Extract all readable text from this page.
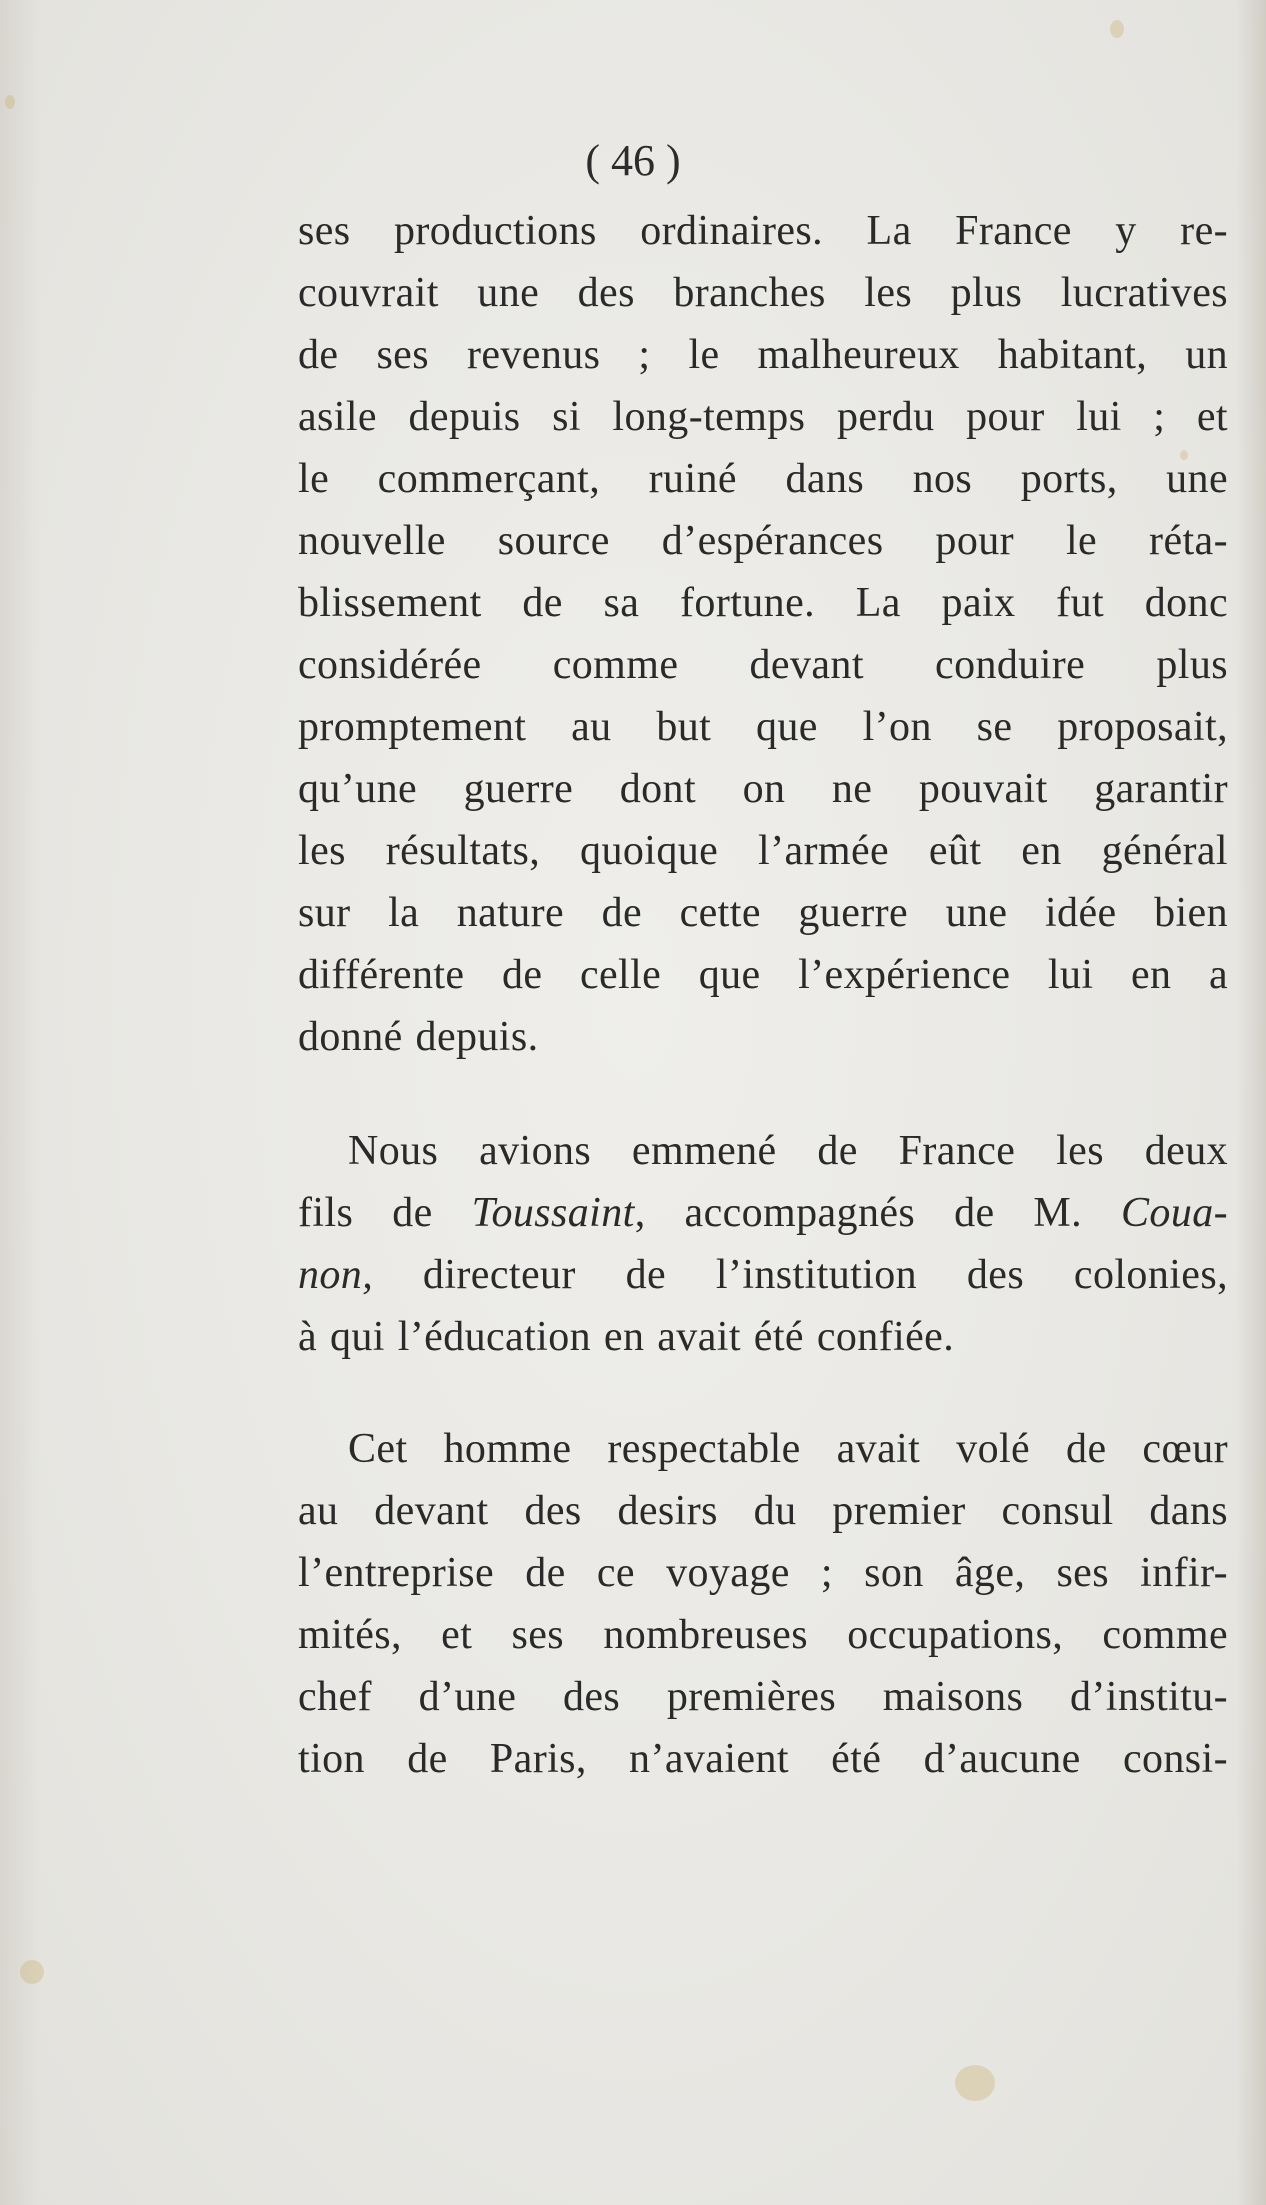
( 46 )
ses productions ordinaires. La France y re-
couvrait une des branches les plus lucratives
de ses revenus ; le malheureux habitant, un
asile depuis si long-temps perdu pour lui ; et
le commerçant, ruiné dans nos ports, une
nouvelle source d’espérances pour le réta-
blissement de sa fortune. La paix fut donc
considérée comme devant conduire plus
promptement au but que l’on se proposait,
qu’une guerre dont on ne pouvait garantir
les résultats, quoique l’armée eût en général
sur la nature de cette guerre une idée bien
différente de celle que l’expérience lui en a
donné depuis.
Nous avions emmené de France les deux
fils de Toussaint, accompagnés de M. Coua-
non, directeur de l’institution des colonies,
à qui l’éducation en avait été confiée.
Cet homme respectable avait volé de cœur
au devant des desirs du premier consul dans
l’entreprise de ce voyage ; son âge, ses infir-
mités, et ses nombreuses occupations, comme
chef d’une des premières maisons d’institu-
tion de Paris, n’avaient été d’aucune consi-
